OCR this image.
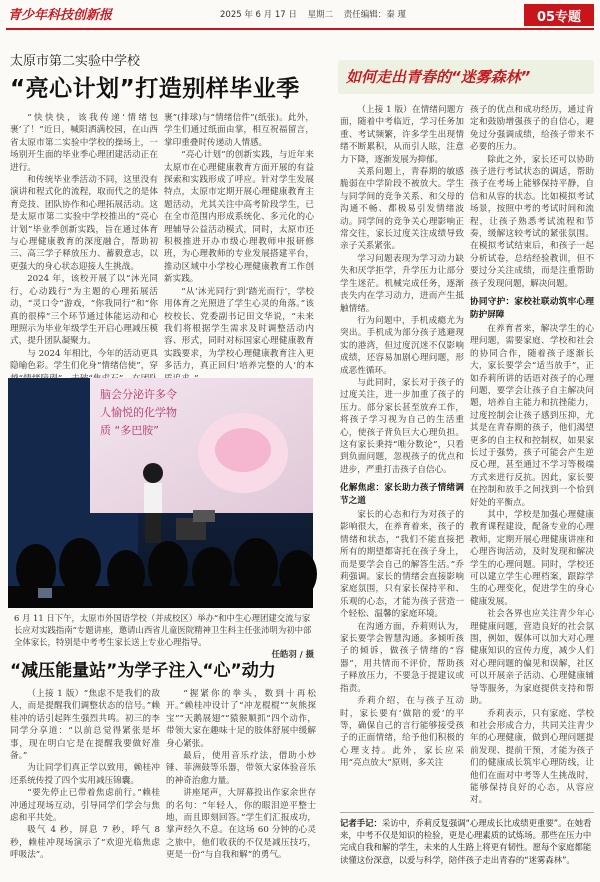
青少年科技创新报	2025 年 6 月 17 日 星期二 责任编辑：秦 瑾	05专题
太原市第二实验中学校
“亮心计划”打造别样毕业季

“快快快，该我传递‘情绪包裹’了！”近日，喊阳洒满校园，在山西省太原市第二实验中学校的操场上，一场别开生面的毕业季心理团建活动正在进行。

和传统毕业季活动不同，这里没有演讲和程式化的流程，取而代之的是体育竞技、团队协作和心理拓展活动。这是太原市第二实验中学校推出的“亮心计划”毕业季创新实践，旨在通过体育与心理健康教育的深度融合，帮助初三、高三学子释放压力、蓄毅意志，以更强大的身心状态迎接人生挑战。

2024 年，该校开展了以“沐光同行，心动践行”为主题的心理拓展活动，“灵口令”游戏，“你我同行”和“你真的很棒”三个环节通过体能运动和心理照示为毕业年级学生开启心理减压模式，提升团队凝聚力。

与 2024 年相比，今年的活动更具隐喻色彩。学生们化身“情绪信使”，穿

裹”(排球)与“情绪信件”(纸张)。此外，学生们通过纸面由掌，相互祝福留言，掌印重叠时传递动人情感。

“亮心计划”的创新实践，与近年来太原市在心理健康教育方面开展的有益探索和实践形成了呼应。针对学生发展特点，太原市定期开展心理健康教育主题活动，尤其关注中高考阶段学生，已在全市范围内形成系统化、多元化的心理辅导公益活动模式，同时，太原市还积极推进开办市级心理教师申报研修班，为心理教师的专业发展搭建平台，推动区域中小学校心理健康教育工作创新实践。

“从‘沐光同行’到‘踏光而行’，学校用体育之光照进了学生心灵的角落。”该校校长、党委副书记田文华说，“未来我们将根据学生需求及时调整活动内容、形式，同时对标国家心理健康教育实践要求，为学校心理健康教育注入更多活力，真正回归‘培养完整的人’的本

脑会分泌许多令
人愉悦的化学物
质 “多巴胺”
6 月 11 日下午，太原市外国语学校（并成校区）举办“和中生心理团建交流与家长应对实践指南”专题讲座，邀请山西省儿童医院精神卫生科主任张沛明为初中部全体家长，特别是中考考生家长送上专业心理指导。
任皓羽 / 摄
“减压能量站”为学子注入“心”动力

（上接 1 版）“焦虑不是我们的敌人，而是提醒我们调整状态的信号。”赖桂冲的话引起阵生强烈共鸣。初三的李同学分享道：“以前总觉得紧张是坏事，现在明白它是在提醒我要做好准备。”

为让同学们真正学以致用，赖桂冲还系统传授了四个实用减压锦囊。

“要先停止已带着焦虑前行。”赖桂冲通过现场互动，引导同学们学会与焦虑和平共处。

吸气 4 秒，屏息 7 秒，呼气 8 秒，赖桂冲现场演示了“欢迎光临焦虑呼吸法”。

“握紧你的拳头，数到十再松开。”赖桂冲设计了“冲龙棍棍”“灰熊探宝”“天鹅展翅”“猿猴顺抓”四个动作，带领大家在趣味十足的肢体舒展中缓解身心紧张。

最后，使用音乐疗法，借助小炒锤、菲洲鼓等乐器，带领大家体验音乐的神奇治愈力量。

讲座尾声，大屏幕投出作家余世存的名句：“年轻人，你的眼泪逆平整士地，而且即刻回答。”学生们汇报成功，掌声经久不息。在这场 60 分钟的心灵之旅中，他们收获的不仅是减压技巧，更是一份“与自我和解”的勇气。

如何走出青春的“迷雾森林”

（上接 1 版）在情绪问题方面，随着中考临近，学习任务加重、考试频繁，许多学生出现情绪不断累积，从而引人眩，注意力下降，逐渐发展为抑郁。

关系问题上，青春期的敏感脆弱在中学阶段不被放大。学生与同学间的竞争关系、和父母的沟通不畅、都极易引发情绪波动。同学间的竞争关心理影响正常交往，家长过度关注成绩导致亲子关系紧张。

学习问题表现为学习动力缺失和厌学拒学，升学压力让部分学生迷茫。机械完成任务，逐渐丧失内在学习动力，进而产生抵触情绪。

行为问题中，手机成瘾尤为突出。手机成为部分孩子逃避现实的港湾，但过度沉迷不仅影响成绩，还容易加剧心理问题，形成恶性循环。

与此同时，家长对于孩子的过度关注，进一步加重了孩子的压力。部分家长甚至放弃工作，将孩子学习视为自己的生活重心，使孩子背负巨大心理负担。这有家长秉持“唯分数论”，只看到负面问题，忽视孩子的优点和进步，严重打击孩子自信心。

化解焦虑：家长助力孩子情绪调节之道

家长的心态和行为对孩子的影响很大，在养育着来，孩子的情绪和状态，“我们不能直接把所有的期望都寄托在孩子身上，而是要学会自己的解答生活。”乔莉强调。家长的情绪会直接影响家庭氛围，只有家长保持平和、乐观的心态，才能为孩子营造一个轻松、温馨的家庭环境。

在沟通方面，乔莉则认为，家长要学会智慧沟通。多倾听孩子的倾诉，做孩子情绪的“容器”，用共情而不评价，帮助孩子释放压力，不要急于提建议或指责。

乔莉介绍，在与孩子互动时，家长要有‘做陪的爱’的平等，确保自己的言行能够接受孩子的正面情绪，给予他们积极的心理支持。此外，家长应采用“亮点放大”原则，多关注

孩子的优点和成功经历，通过肯定和鼓励增强孩子的自信心，避免过分强调成绩，给孩子带来不必要的压力。

除此之外，家长还可以协助孩子进行考试状态的调适，帮助孩子在考场上能够保持平静，自信和从容的状态。比如模拟考试场景，按照中考的考试时间和流程，让孩子熟悉考试流程和节奏，缓解这较考试的紧张氛围。在模拟考试结束后，和孩子一起分析试卷，总结经验教训，但不要过分关注成绩，而是注重帮助孩子发现问题，解决问题。

协同守护：家校社联动筑牢心理防护屏障

在养育者来，解决学生的心理问题，需要家庭、学校和社会的协同合作，随着孩子逐渐长大，家长要学会“适当放手”，正如乔莉所讲的话语对孩子的心理问题，要学会让孩子自主解决问题，培养自主能力和抗挫能力，过度控制会让孩子感到压抑，尤其是在青春期的孩子，他们渴望更多的自主权和控制权，如果家长过于强势，孩子可能会产生逆反心理，甚至通过不学习等极端方式来进行反抗。因此，家长要在控制和放手之间找到一个恰到好处的平衡点。

其中，学校是加强心理健康教育课程建设，配备专业的心理教师，定期开展心理健康讲座和心理咨询活动，及时发现和解决学生的心理问题。同时，学校还可以建立学生心理档案，跟踪学生的心理变化，促进学生的身心健康发展。

社会各界也应关注青少年心理健康问题，营造良好的社会氛围，例如，媒体可以加大对心理健康知识的宣传力度，减少人们对心理问题的偏见和误解，社区可以开展亲子活动、心理健康辅导等服务，为家庭提供支持和帮助。

乔莉表示，只有家庭、学校和社会形成合力，共同关注青少年的心理健康，做到心理问题提前发现、提前干预，才能为孩子们的健康成长筑牢心理防线，让他们在面对中考等人生挑战时，能够保持良好的心态，从容应对。

记者手记：采访中，乔莉反复强调“心理成长比成绩更重要”。在她看来，中考不仅是知识的检验，更是心理素质的试炼场。那些在压力中完成自我和解的学生，未来的人生路上将更有韧性。愿每个家庭都能读懂这份深意，以爱与科学，陪伴孩子走出青春的“迷雾森林”。
